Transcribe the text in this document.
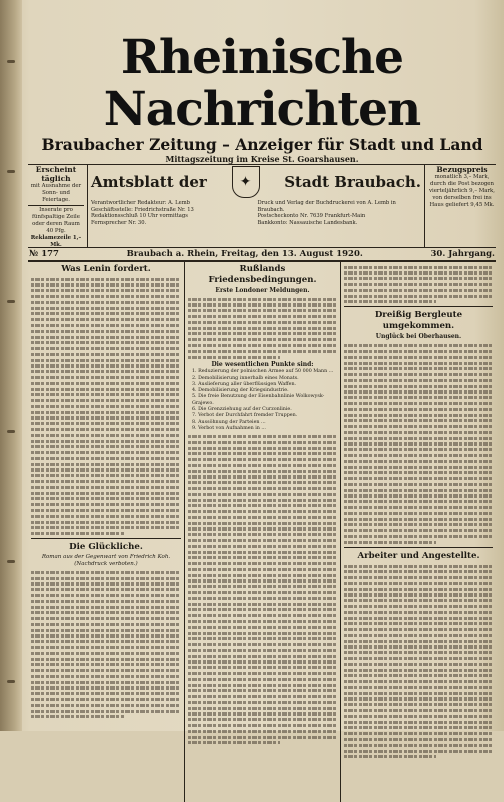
Rheinische Nachrichten
Braubacher Zeitung – Anzeiger für Stadt und Land
Mittagszeitung im Kreise St. Goarshausen.
Erscheint täglich
mit Ausnahme der Sonn- und Feiertage.
Inserate pro fünfspaltige Zeile oder deren Raum 40 Pfg.
Reklamezeile 1,– Mk.
Amtsblatt der	✦	Stadt Braubach.
Verantwortlicher Redakteur: A. Lemb
Geschäftsstelle: Friedrichstraße Nr. 13
Redaktionsschluß 10 Uhr vormittags
Fernsprecher Nr. 30.
Druck und Verlag der Buchdruckerei von A. Lemb in Braubach.
Postscheckonto Nr. 7639 Frankfurt-Main
Bankkonto: Nassauische Landesbank.
Bezugspreis
monatlich 3,– Mark,
durch die Post bezogen vierteljährlich 9,– Mark,
von derselben frei ins Haus geliefert 9,45 Mk.
№ 177	Braubach a. Rhein, Freitag, den 13. August 1920.	30. Jahrgang.
Was Lenin fordert.
Die Glückliche.
Roman aus der Gegenwart von Friedrich Koh.
(Nachdruck verboten.)
Rußlands Friedensbedingungen.
Erste Londoner Meldungen.
Die wesentlichen Punkte sind:
1. Reduzierung der polnischen Armee auf 50 000 Mann ...
2. Demobilisierung innerhalb eines Monats.
3. Auslieferung aller überflüssigen Waffen.
4. Demobilisierung der Kriegsindustrie.
5. Die freie Benutzung der Eisenbahnlinie Wolkowysk-Grajewo.
6. Die Grenzziehung auf der Curzonlinie.
7. Verbot der Durchfahrt fremder Truppen.
8. Aussöhnung der Parteien ...
9. Verbot von Aufnahmen in ...
Dreißig Bergleute umgekommen.
Unglück bei Oberhausen.
Arbeiter und Angestellte.
